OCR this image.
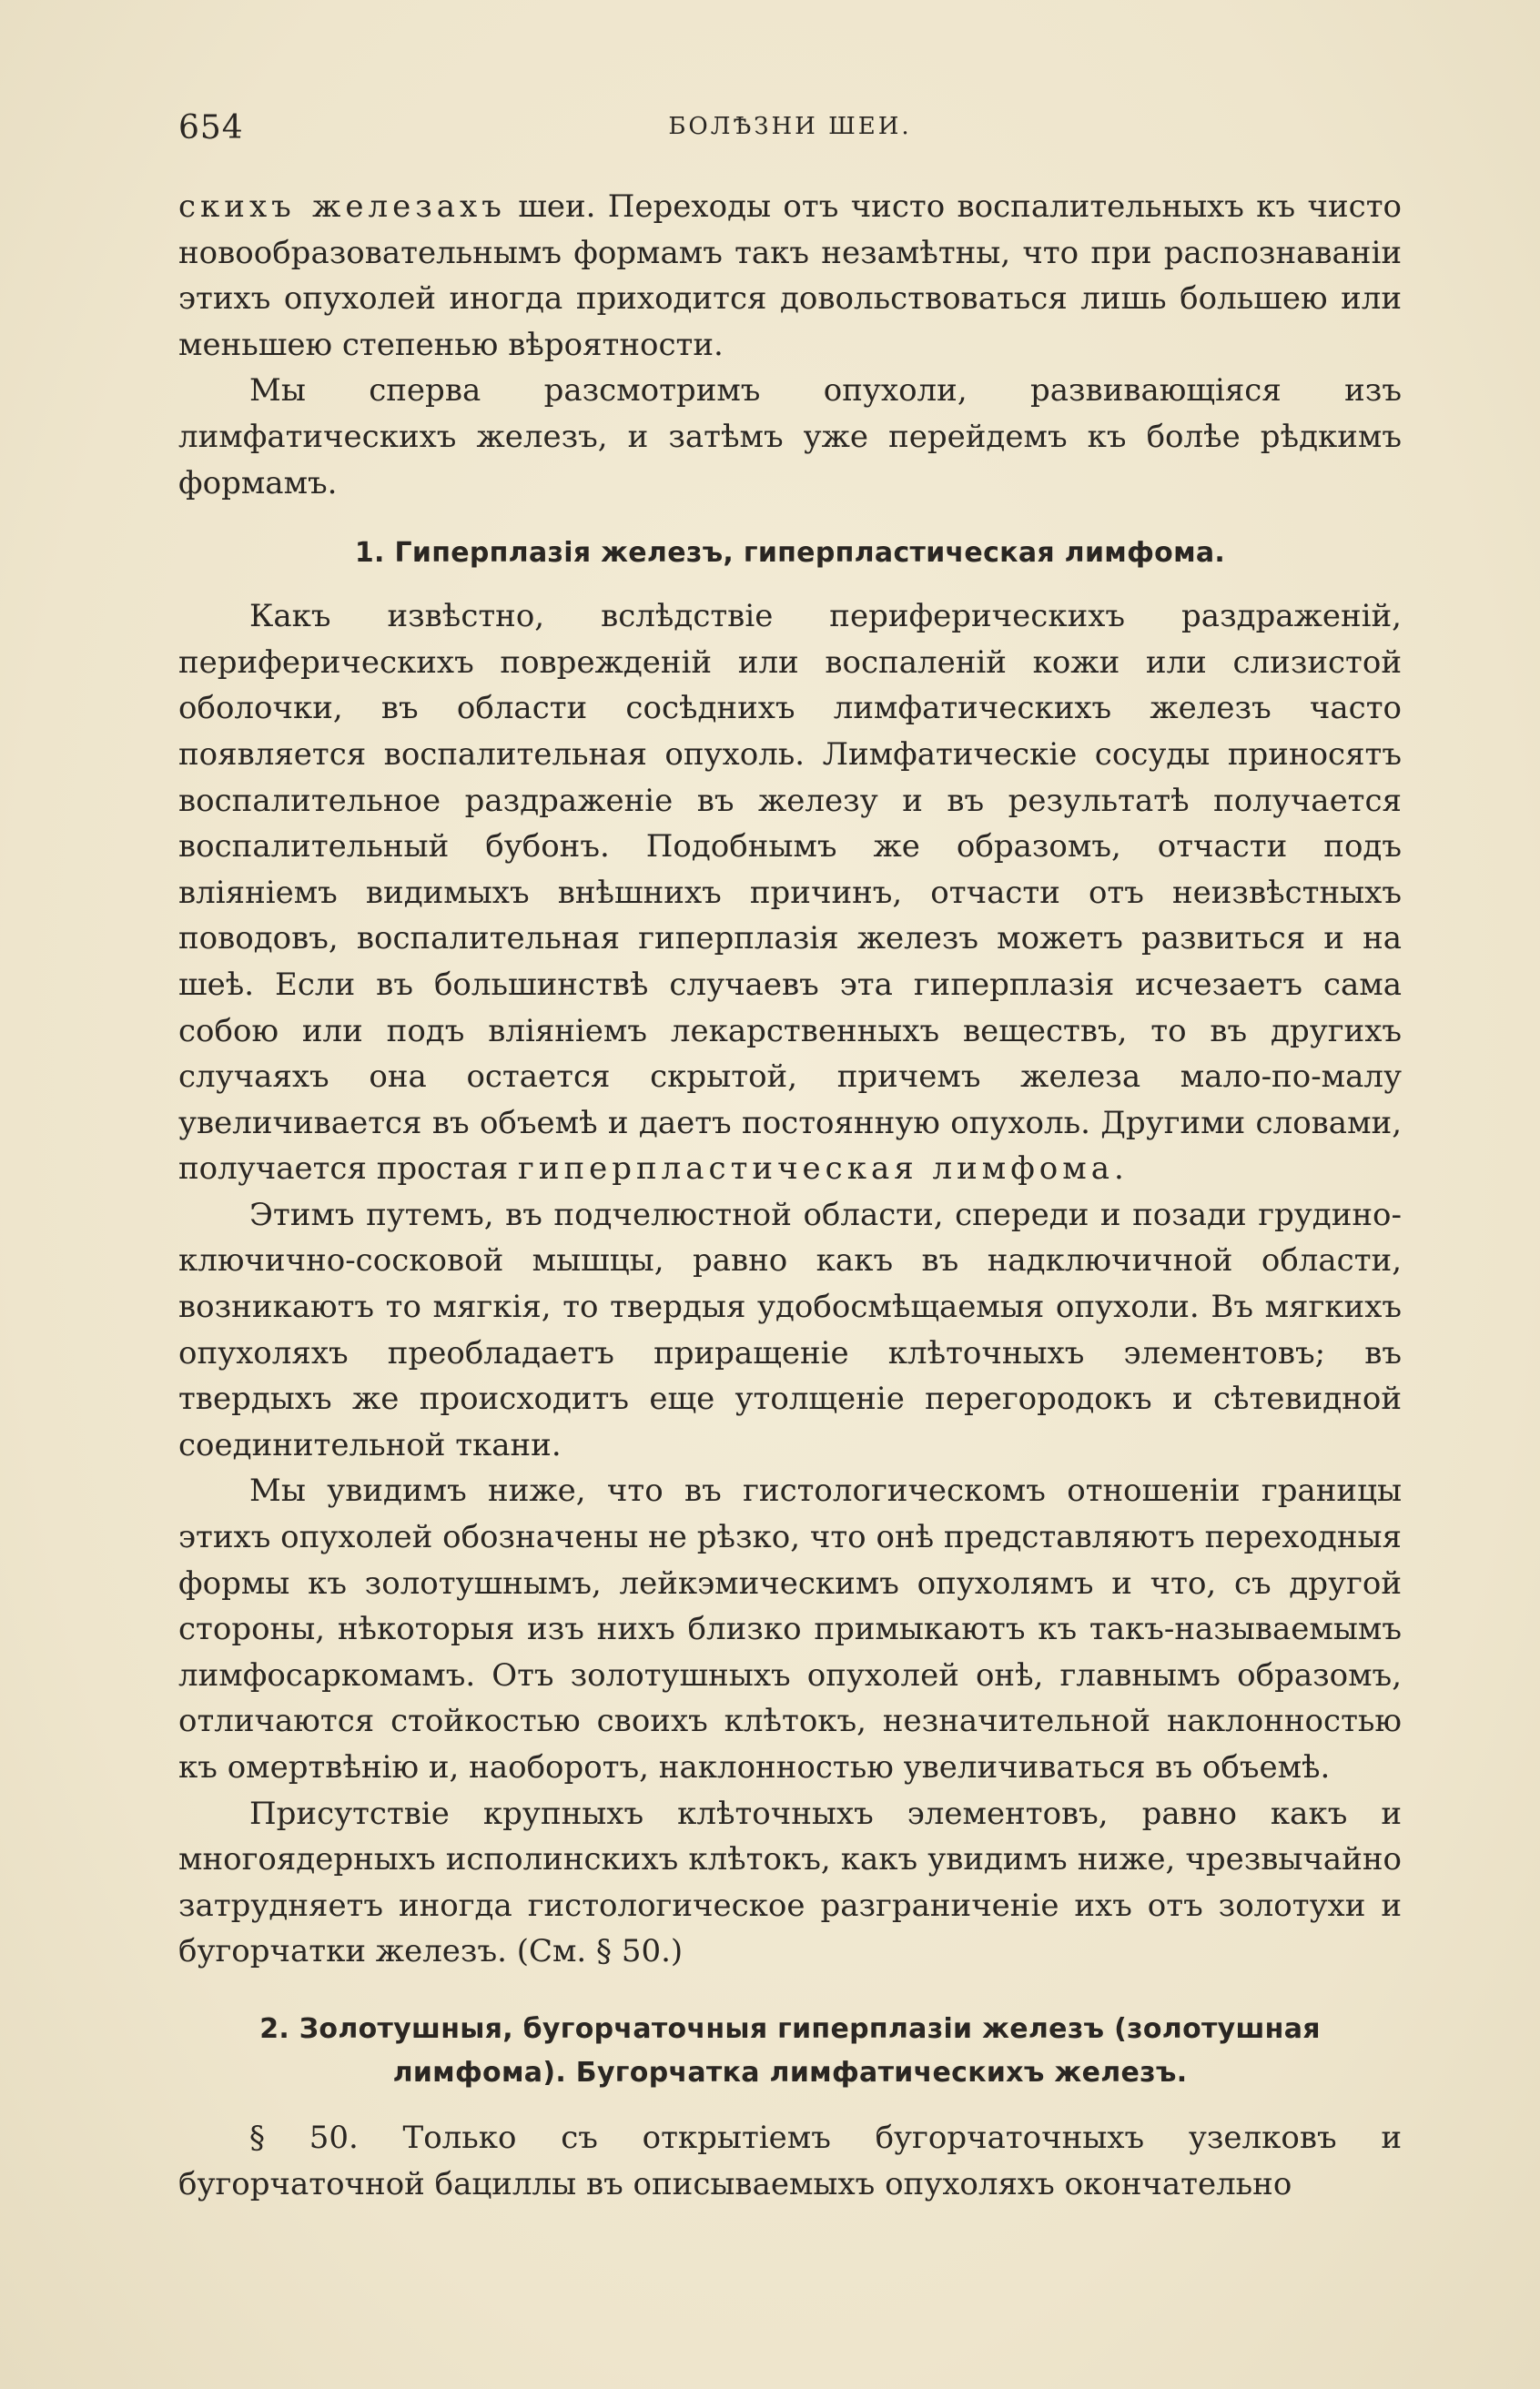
654	БОЛѢЗНИ ШЕИ.

скихъ железахъ шеи. Переходы отъ чисто воспалительныхъ къ чисто новообразовательнымъ формамъ такъ незамѣтны, что при распознаваніи этихъ опухолей иногда приходится довольствоваться лишь большею или меньшею степенью вѣроятности.

Мы сперва разсмотримъ опухоли, развивающіяся изъ лимфатическихъ железъ, и затѣмъ уже перейдемъ къ болѣе рѣдкимъ формамъ.

1. Гиперплазія железъ, гиперпластическая лимфома.

Какъ извѣстно, вслѣдствіе периферическихъ раздраженій, периферическихъ поврежденій или воспаленій кожи или слизистой оболочки, въ области сосѣднихъ лимфатическихъ железъ часто появляется воспалительная опухоль. Лимфатическіе сосуды приносятъ воспалительное раздраженіе въ железу и въ результатѣ получается воспалительный бубонъ. Подобнымъ же образомъ, отчасти подъ вліяніемъ видимыхъ внѣшнихъ причинъ, отчасти отъ неизвѣстныхъ поводовъ, воспалительная гиперплазія железъ можетъ развиться и на шеѣ. Если въ большинствѣ случаевъ эта гиперплазія исчезаетъ сама собою или подъ вліяніемъ лекарственныхъ веществъ, то въ другихъ случаяхъ она остается скрытой, причемъ железа мало-по-малу увеличивается въ объемѣ и даетъ постоянную опухоль. Другими словами, получается простая гиперпластическая лимфома.

Этимъ путемъ, въ подчелюстной области, спереди и позади грудино-ключично-сосковой мышцы, равно какъ въ надключичной области, возникаютъ то мягкія, то твердыя удобосмѣщаемыя опухоли. Въ мягкихъ опухоляхъ преобладаетъ приращеніе клѣточныхъ элементовъ; въ твердыхъ же происходитъ еще утолщеніе перегородокъ и сѣтевидной соединительной ткани.

Мы увидимъ ниже, что въ гистологическомъ отношеніи границы этихъ опухолей обозначены не рѣзко, что онѣ представляютъ переходныя формы къ золотушнымъ, лейкэмическимъ опухолямъ и что, съ другой стороны, нѣкоторыя изъ нихъ близко примыкаютъ къ такъ-называемымъ лимфосаркомамъ. Отъ золотушныхъ опухолей онѣ, главнымъ образомъ, отличаются стойкостью своихъ клѣтокъ, незначительной наклонностью къ омертвѣнію и, наоборотъ, наклонностью увеличиваться въ объемѣ.

Присутствіе крупныхъ клѣточныхъ элементовъ, равно какъ и многоядерныхъ исполинскихъ клѣтокъ, какъ увидимъ ниже, чрезвычайно затрудняетъ иногда гистологическое разграниченіе ихъ отъ золотухи и бугорчатки железъ. (См. § 50.)

2. Золотушныя, бугорчаточныя гиперплазіи железъ (золотушная лимфома). Бугорчатка лимфатическихъ железъ.

§ 50. Только съ открытіемъ бугорчаточныхъ узелковъ и бугорчаточной бациллы въ описываемыхъ опухоляхъ окончательно
